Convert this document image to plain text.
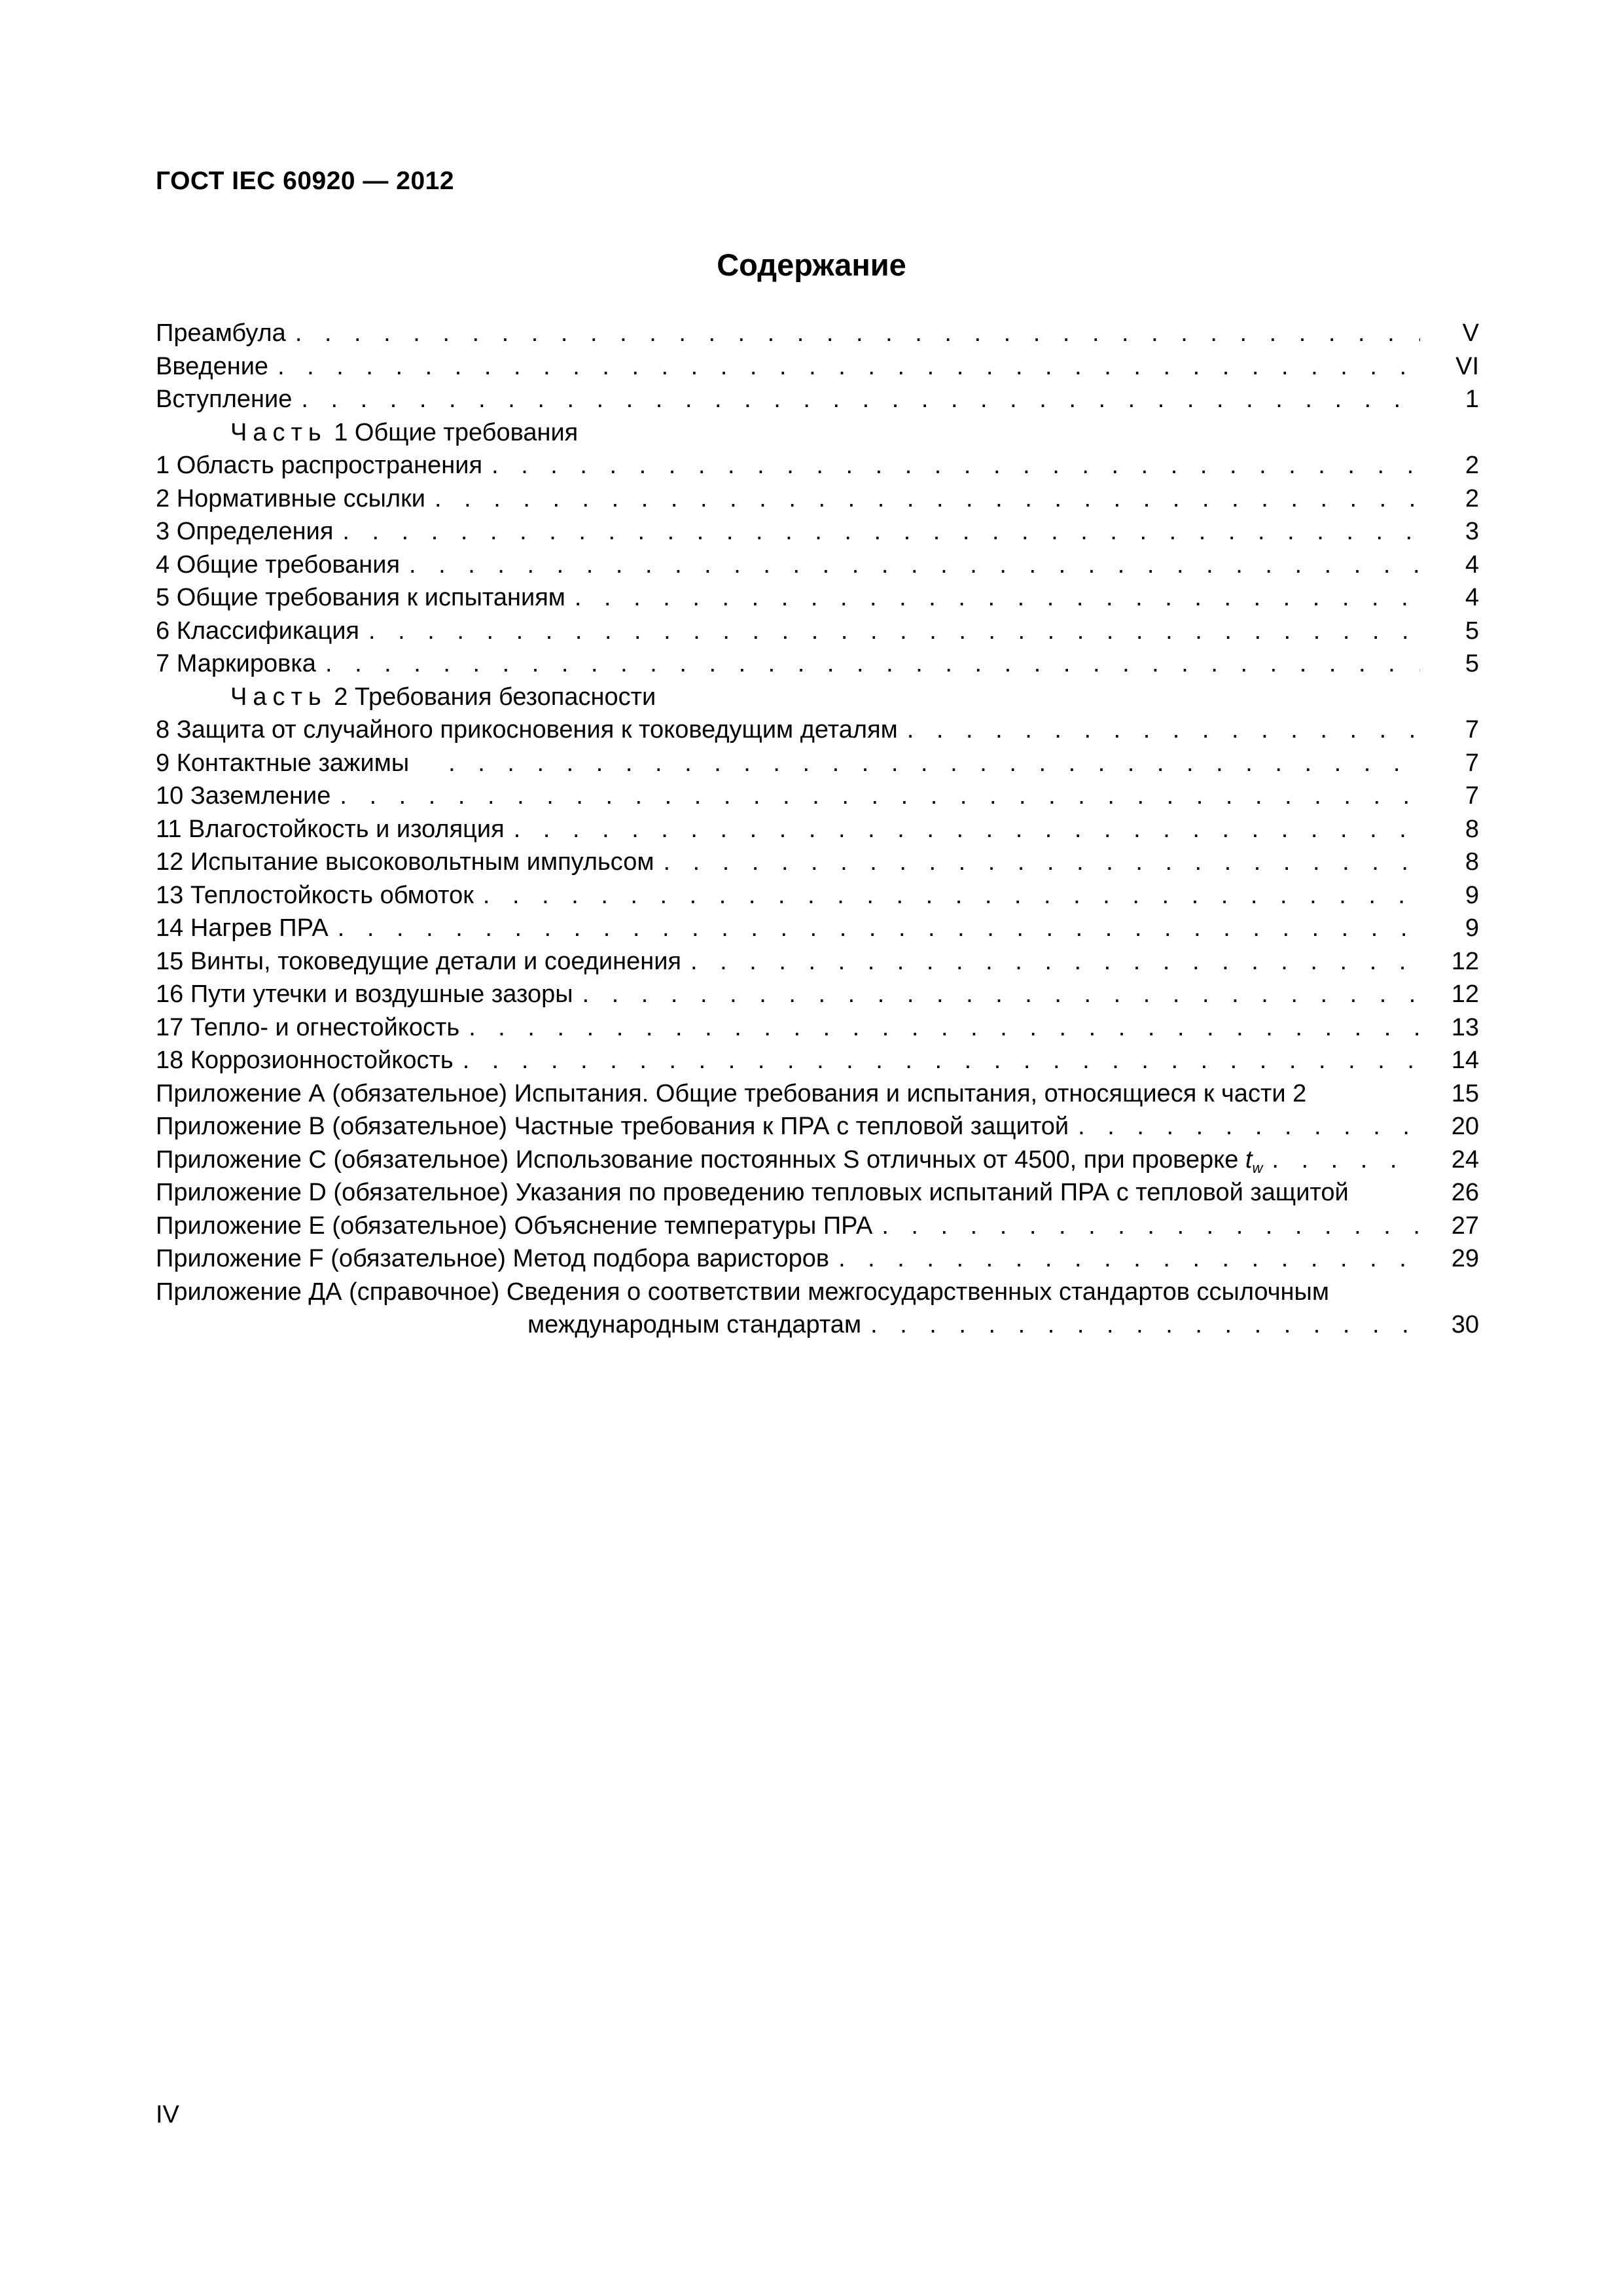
ГОСТ IEC 60920 — 2012
Содержание
Преамбула . . .	V
Введение . . .	VI
Вступление . . .	1
Часть 1 Общие требования
1 Область распространения . . .	2
2 Нормативные ссылки . . .	2
3 Определения . . .	3
4 Общие требования . . .	4
5 Общие требования к испытаниям . . .	4
6 Классификация . . .	5
7 Маркировка . . .	5
Часть 2 Требования безопасности
8 Защита от случайного прикосновения к токоведущим деталям . . .	7
9 Контактные зажимы . . .	7
10 Заземление . . .	7
11 Влагостойкость и изоляция . . .	8
12 Испытание высоковольтным импульсом . . .	8
13 Теплостойкость обмоток . . .	9
14 Нагрев ПРА . . .	9
15 Винты, токоведущие детали и соединения . . .	12
16 Пути утечки и воздушные зазоры . . .	12
17 Тепло- и огнестойкость . . .	13
18 Коррозионностойкость . . .	14
Приложение А (обязательное) Испытания. Общие требования и испытания, относящиеся к части 2	15
Приложение В (обязательное) Частные требования к ПРА с тепловой защитой . . .	20
Приложение С (обязательное) Использование постоянных S отличных от 4500, при проверке $t_w$ . . .	24
Приложение D (обязательное) Указания по проведению тепловых испытаний ПРА с тепловой защитой	26
Приложение Е (обязательное) Объяснение температуры ПРА . . .	27
Приложение F (обязательное) Метод подбора варисторов . . .	29
Приложение ДА (справочное) Сведения о соответствии межгосударственных стандартов ссылочным
международным стандартам . . .	30
IV
